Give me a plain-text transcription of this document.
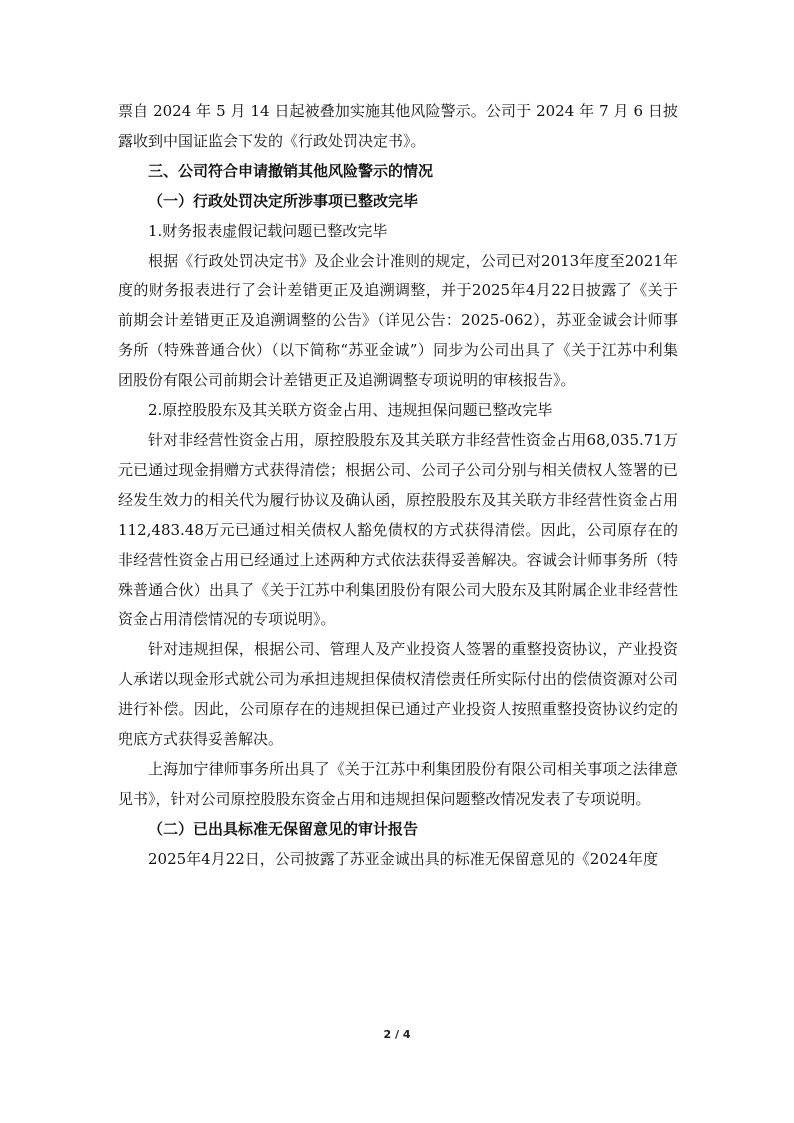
票自 2024 年 5 月 14 日起被叠加实施其他风险警示。公司于 2024 年 7 月 6 日披露收到中国证监会下发的《行政处罚决定书》。

三、公司符合申请撤销其他风险警示的情况

（一）行政处罚决定所涉事项已整改完毕

1.财务报表虚假记载问题已整改完毕

根据《行政处罚决定书》及企业会计准则的规定，公司已对2013年度至2021年度的财务报表进行了会计差错更正及追溯调整，并于2025年4月22日披露了《关于前期会计差错更正及追溯调整的公告》（详见公告：2025-062），苏亚金诚会计师事务所（特殊普通合伙）（以下简称“苏亚金诚”）同步为公司出具了《关于江苏中利集团股份有限公司前期会计差错更正及追溯调整专项说明的审核报告》。

2.原控股股东及其关联方资金占用、违规担保问题已整改完毕

针对非经营性资金占用，原控股股东及其关联方非经营性资金占用68,035.71万元已通过现金捐赠方式获得清偿；根据公司、公司子公司分别与相关债权人签署的已经发生效力的相关代为履行协议及确认函，原控股股东及其关联方非经营性资金占用112,483.48万元已通过相关债权人豁免债权的方式获得清偿。因此，公司原存在的非经营性资金占用已经通过上述两种方式依法获得妥善解决。容诚会计师事务所（特殊普通合伙）出具了《关于江苏中利集团股份有限公司大股东及其附属企业非经营性资金占用清偿情况的专项说明》。

针对违规担保，根据公司、管理人及产业投资人签署的重整投资协议，产业投资人承诺以现金形式就公司为承担违规担保债权清偿责任所实际付出的偿债资源对公司进行补偿。因此，公司原存在的违规担保已通过产业投资人按照重整投资协议约定的兜底方式获得妥善解决。

上海加宁律师事务所出具了《关于江苏中利集团股份有限公司相关事项之法律意见书》，针对公司原控股股东资金占用和违规担保问题整改情况发表了专项说明。

（二）已出具标准无保留意见的审计报告

2025年4月22日，公司披露了苏亚金诚出具的标准无保留意见的《2024年度

2 / 4
